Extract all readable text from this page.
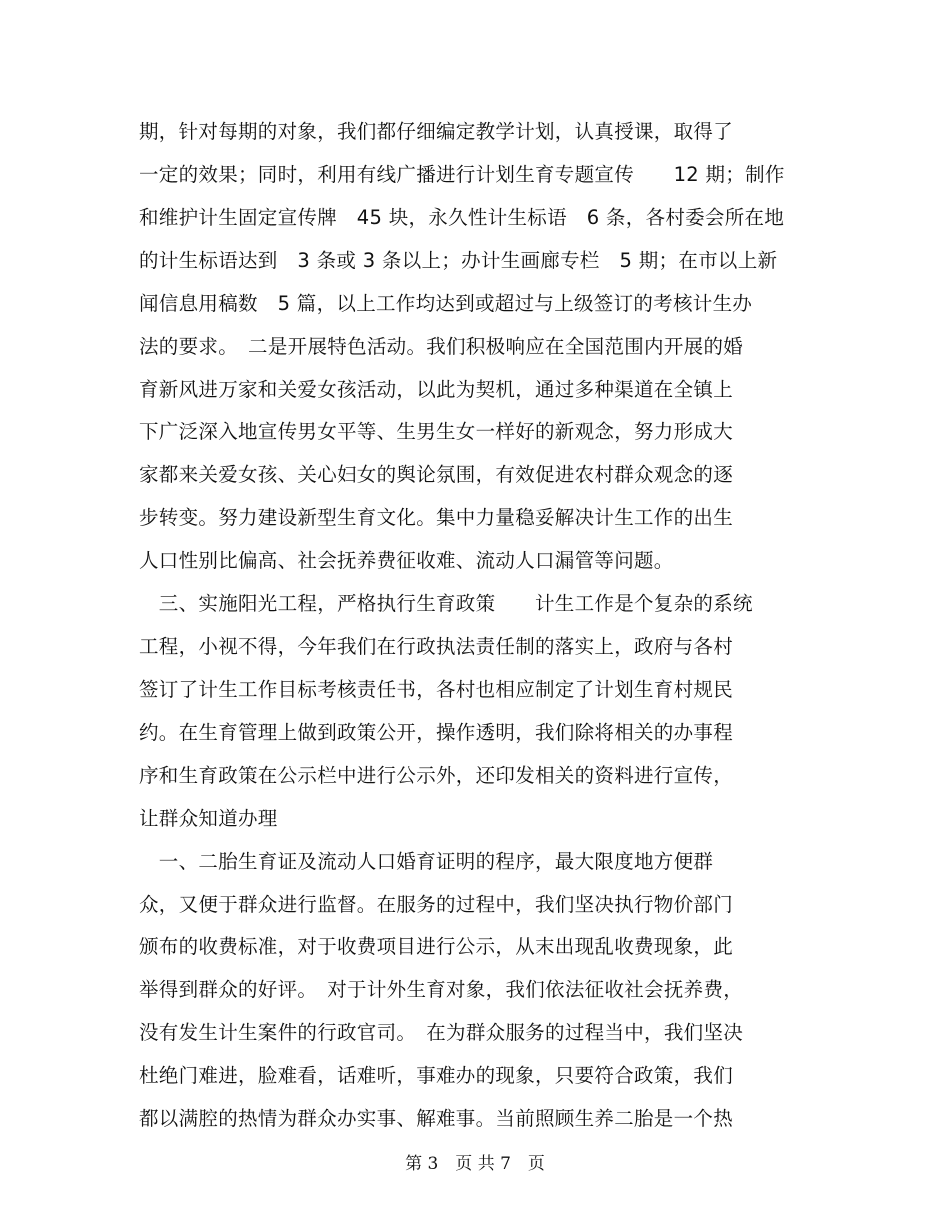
期，针对每期的对象，我们都仔细编定教学计划，认真授课，取得了
一定的效果；同时，利用有线广播进行计划生育专题宣传　　12 期；制作
和维护计生固定宣传牌　45 块，永久性计生标语　6 条，各村委会所在地
的计生标语达到　3 条或 3 条以上；办计生画廊专栏　5 期；在市以上新
闻信息用稿数　5 篇，以上工作均达到或超过与上级签订的考核计生办
法的要求。　二是开展特色活动。我们积极响应在全国范围内开展的婚
育新风进万家和关爱女孩活动，以此为契机，通过多种渠道在全镇上
下广泛深入地宣传男女平等、生男生女一样好的新观念，努力形成大
家都来关爱女孩、关心妇女的舆论氛围，有效促进农村群众观念的逐
步转变。努力建设新型生育文化。集中力量稳妥解决计生工作的出生
人口性别比偏高、社会抚养费征收难、流动人口漏管等问题。
　三、实施阳光工程，严格执行生育政策　　计生工作是个复杂的系统
工程，小视不得，今年我们在行政执法责任制的落实上，政府与各村
签订了计生工作目标考核责任书，各村也相应制定了计划生育村规民
约。在生育管理上做到政策公开，操作透明，我们除将相关的办事程
序和生育政策在公示栏中进行公示外，还印发相关的资料进行宣传，
让群众知道办理
　一、二胎生育证及流动人口婚育证明的程序，最大限度地方便群
众，又便于群众进行监督。在服务的过程中，我们坚决执行物价部门
颁布的收费标准，对于收费项目进行公示，从末出现乱收费现象，此
举得到群众的好评。　对于计外生育对象，我们依法征收社会抚养费，
没有发生计生案件的行政官司。　在为群众服务的过程当中，我们坚决
杜绝门难进，脸难看，话难听，事难办的现象，只要符合政策，我们
都以满腔的热情为群众办实事、解难事。当前照顾生养二胎是一个热
第 3　页 共 7　页
